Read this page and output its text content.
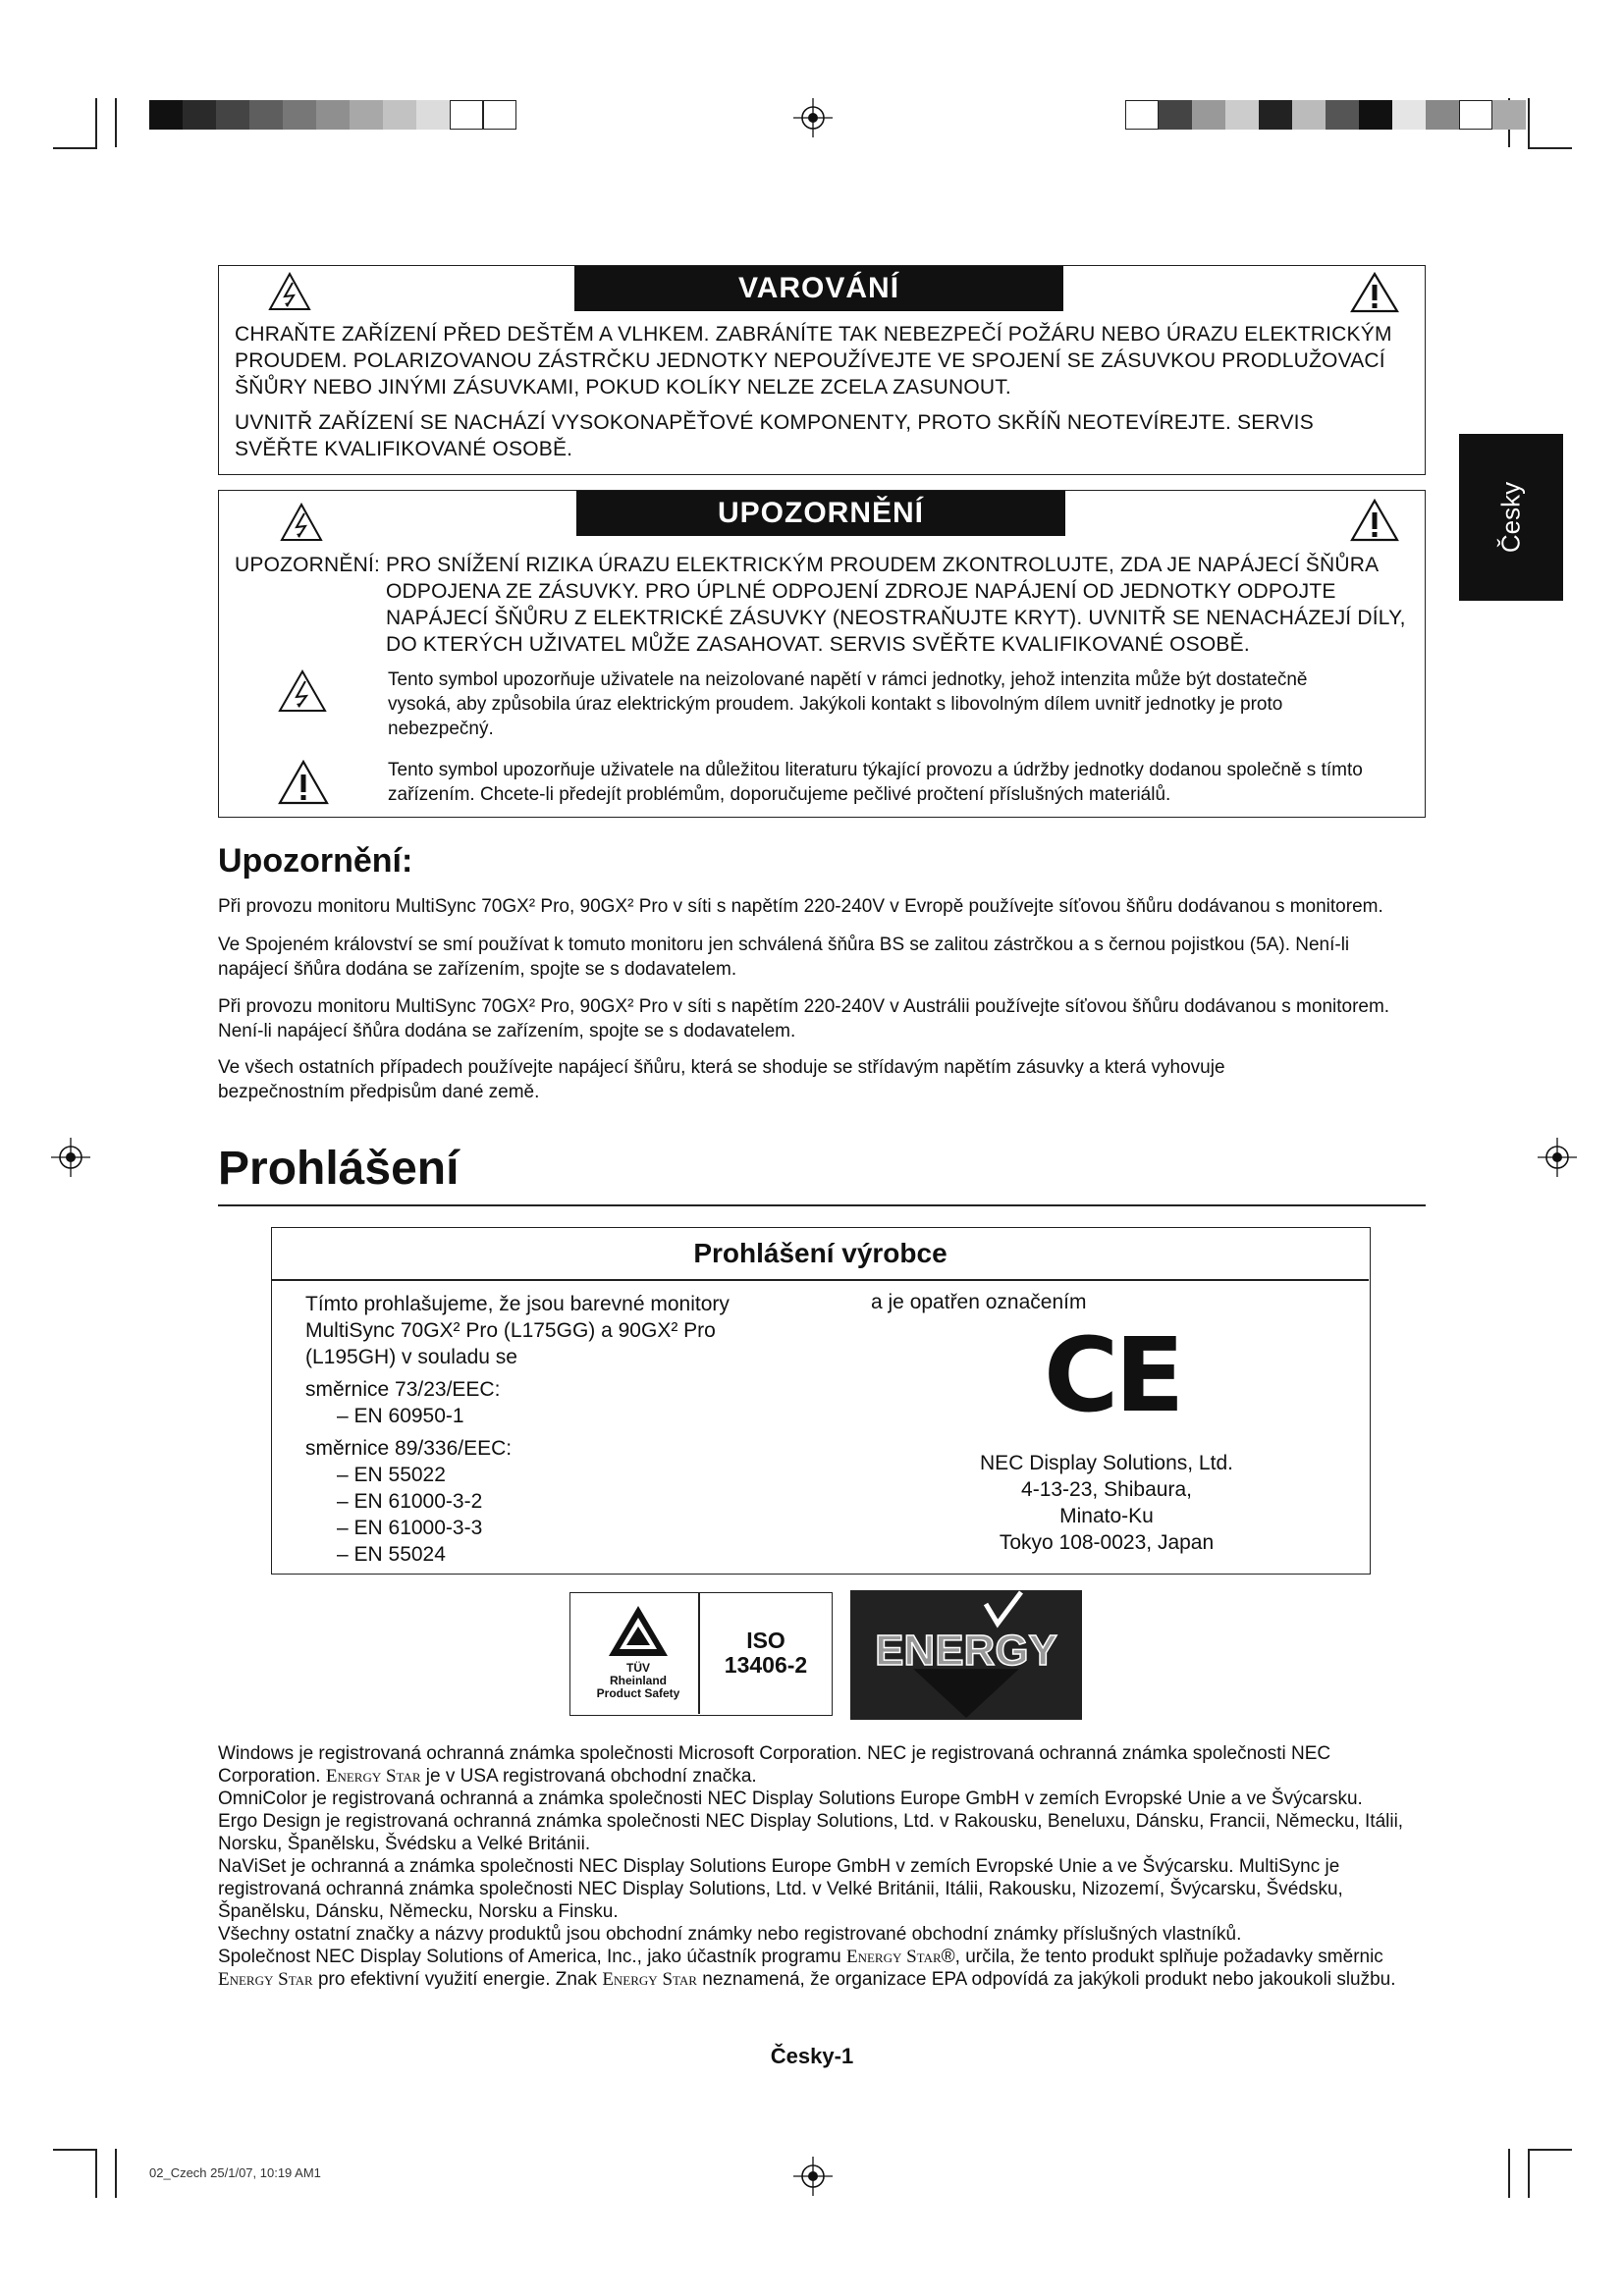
Česky
VAROVÁNÍ
CHRAŇTE ZAŘÍZENÍ PŘED DEŠTĚM A VLHKEM. ZABRÁNÍTE TAK NEBEZPEČÍ POŽÁRU NEBO ÚRAZU ELEKTRICKÝM PROUDEM. POLARIZOVANOU ZÁSTRČKU JEDNOTKY NEPOUŽÍVEJTE VE SPOJENÍ SE ZÁSUVKOU PRODLUŽOVACÍ ŠŇŮRY NEBO JINÝMI ZÁSUVKAMI, POKUD KOLÍKY NELZE ZCELA ZASUNOUT.
UVNITŘ ZAŘÍZENÍ SE NACHÁZÍ VYSOKONAPĚŤOVÉ KOMPONENTY, PROTO SKŘÍŇ NEOTEVÍREJTE. SERVIS SVĚŘTE KVALIFIKOVANÉ OSOBĚ.
UPOZORNĚNÍ
UPOZORNĚNÍ: PRO SNÍŽENÍ RIZIKA ÚRAZU ELEKTRICKÝM PROUDEM ZKONTROLUJTE, ZDA JE NAPÁJECÍ ŠŇŮRA ODPOJENA ZE ZÁSUVKY. PRO ÚPLNÉ ODPOJENÍ ZDROJE NAPÁJENÍ OD JEDNOTKY ODPOJTE NAPÁJECÍ ŠŇŮRU Z ELEKTRICKÉ ZÁSUVKY (NEOSTRAŇUJTE KRYT). UVNITŘ SE NENACHÁZEJÍ DÍLY, DO KTERÝCH UŽIVATEL MŮŽE ZASAHOVAT. SERVIS SVĚŘTE KVALIFIKOVANÉ OSOBĚ.
Tento symbol upozorňuje uživatele na neizolované napětí v rámci jednotky, jehož intenzita může být dostatečně vysoká, aby způsobila úraz elektrickým proudem. Jakýkoli kontakt s libovolným dílem uvnitř jednotky je proto nebezpečný.
Tento symbol upozorňuje uživatele na důležitou literaturu týkající provozu a údržby jednotky dodanou společně s tímto zařízením. Chcete-li předejít problémům, doporučujeme pečlivé pročtení příslušných materiálů.
Upozornění:
Při provozu monitoru MultiSync 70GX² Pro, 90GX² Pro v síti s napětím 220-240V v Evropě používejte síťovou šňůru dodávanou s monitorem.
Ve Spojeném království se smí používat k tomuto monitoru jen schválená šňůra BS se zalitou zástrčkou a s černou pojistkou (5A). Není-li napájecí šňůra dodána se zařízením, spojte se s dodavatelem.
Při provozu monitoru MultiSync 70GX² Pro, 90GX² Pro v síti s napětím 220-240V v Austrálii používejte síťovou šňůru dodávanou s monitorem. Není-li napájecí šňůra dodána se zařízením, spojte se s dodavatelem.
Ve všech ostatních případech používejte napájecí šňůru, která se shoduje se střídavým napětím zásuvky a která vyhovuje bezpečnostním předpisům dané země.
Prohlášení
Prohlášení výrobce
Tímto prohlašujeme, že jsou barevné monitory
MultiSync 70GX² Pro (L175GG) a 90GX² Pro
(L195GH) v souladu se
směrnice 73/23/EEC:
– EN 60950-1
směrnice 89/336/EEC:
– EN 55022
– EN 61000-3-2
– EN 61000-3-3
– EN 55024
a je opatřen označením
CE
NEC Display Solutions, Ltd.
4-13-23, Shibaura,
Minato-Ku
Tokyo 108-0023, Japan
TÜV
Rheinland
Product Safety
ISO
13406-2	ENERGY
Windows je registrovaná ochranná známka společnosti Microsoft Corporation. NEC je registrovaná ochranná známka společnosti NEC Corporation. Energy Star je v USA registrovaná obchodní značka.
OmniColor je registrovaná ochranná a známka společnosti NEC Display Solutions Europe GmbH v zemích Evropské Unie a ve Švýcarsku.
Ergo Design je registrovaná ochranná známka společnosti NEC Display Solutions, Ltd. v Rakousku, Beneluxu, Dánsku, Francii, Německu, Itálii, Norsku, Španělsku, Švédsku a Velké Británii.
NaViSet je ochranná a známka společnosti NEC Display Solutions Europe GmbH v zemích Evropské Unie a ve Švýcarsku. MultiSync je registrovaná ochranná známka společnosti NEC Display Solutions, Ltd. v Velké Británii, Itálii, Rakousku, Nizozemí, Švýcarsku, Švédsku, Španělsku, Dánsku, Německu, Norsku a Finsku.
Všechny ostatní značky a názvy produktů jsou obchodní známky nebo registrované obchodní známky příslušných vlastníků.
Společnost NEC Display Solutions of America, Inc., jako účastník programu Energy Star®, určila, že tento produkt splňuje požadavky směrnic Energy Star pro efektivní využití energie. Znak Energy Star neznamená, že organizace EPA odpovídá za jakýkoli produkt nebo jakoukoli službu.
Česky-1
02_Czech 25/1/07, 10:19 AM1
